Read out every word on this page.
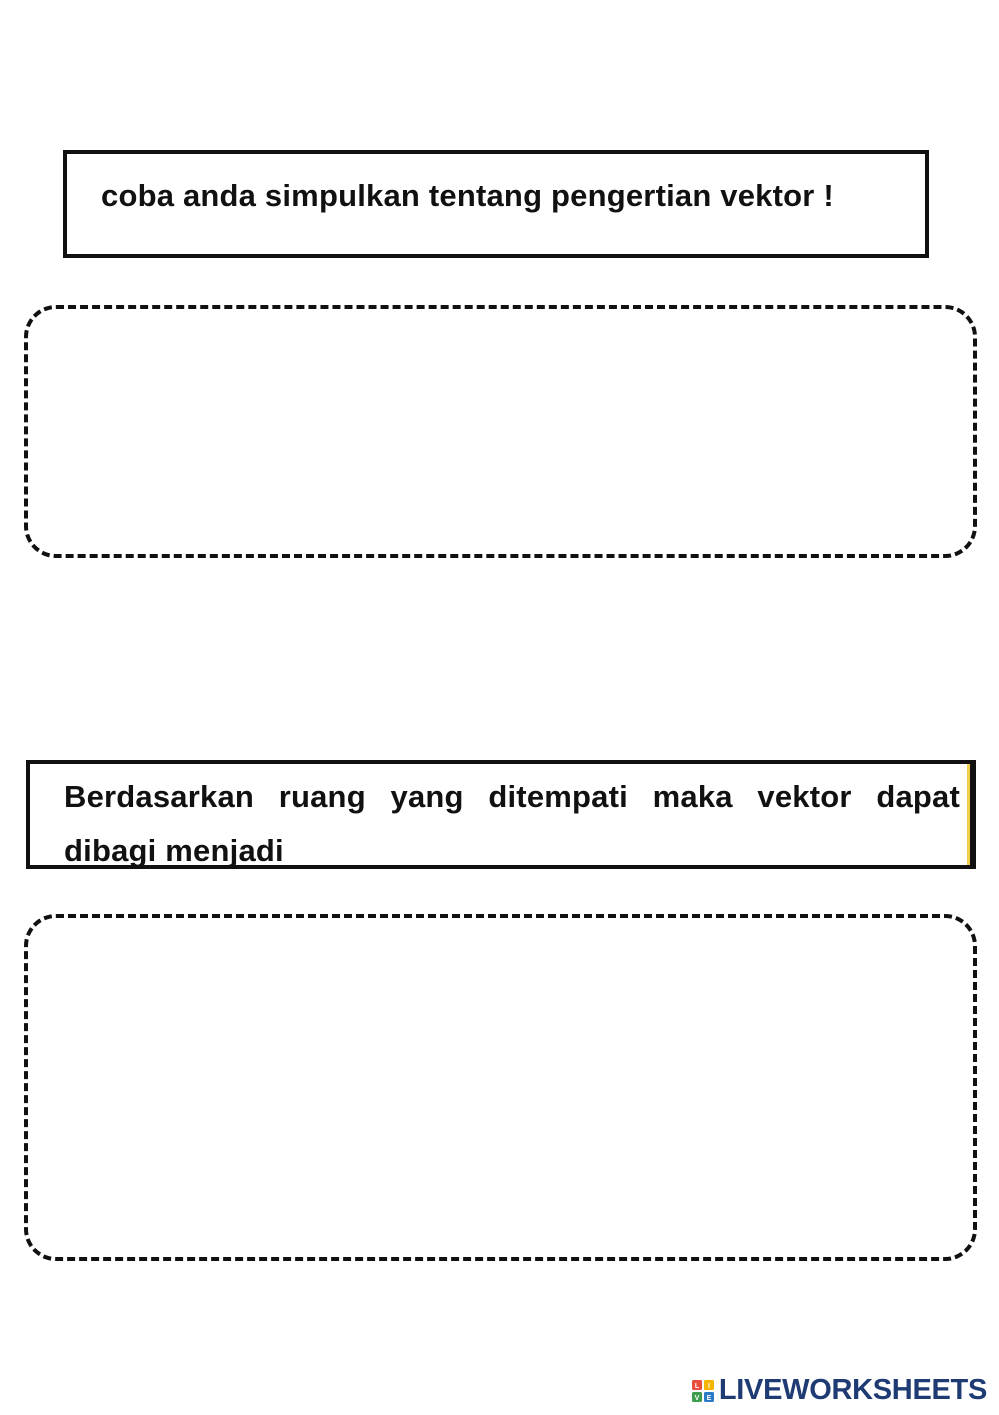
coba anda simpulkan tentang pengertian vektor !
Berdasarkan ruang yang ditempati maka vektor dapat dibagi menjadi
L I
V E LIVEWORKSHEETS
